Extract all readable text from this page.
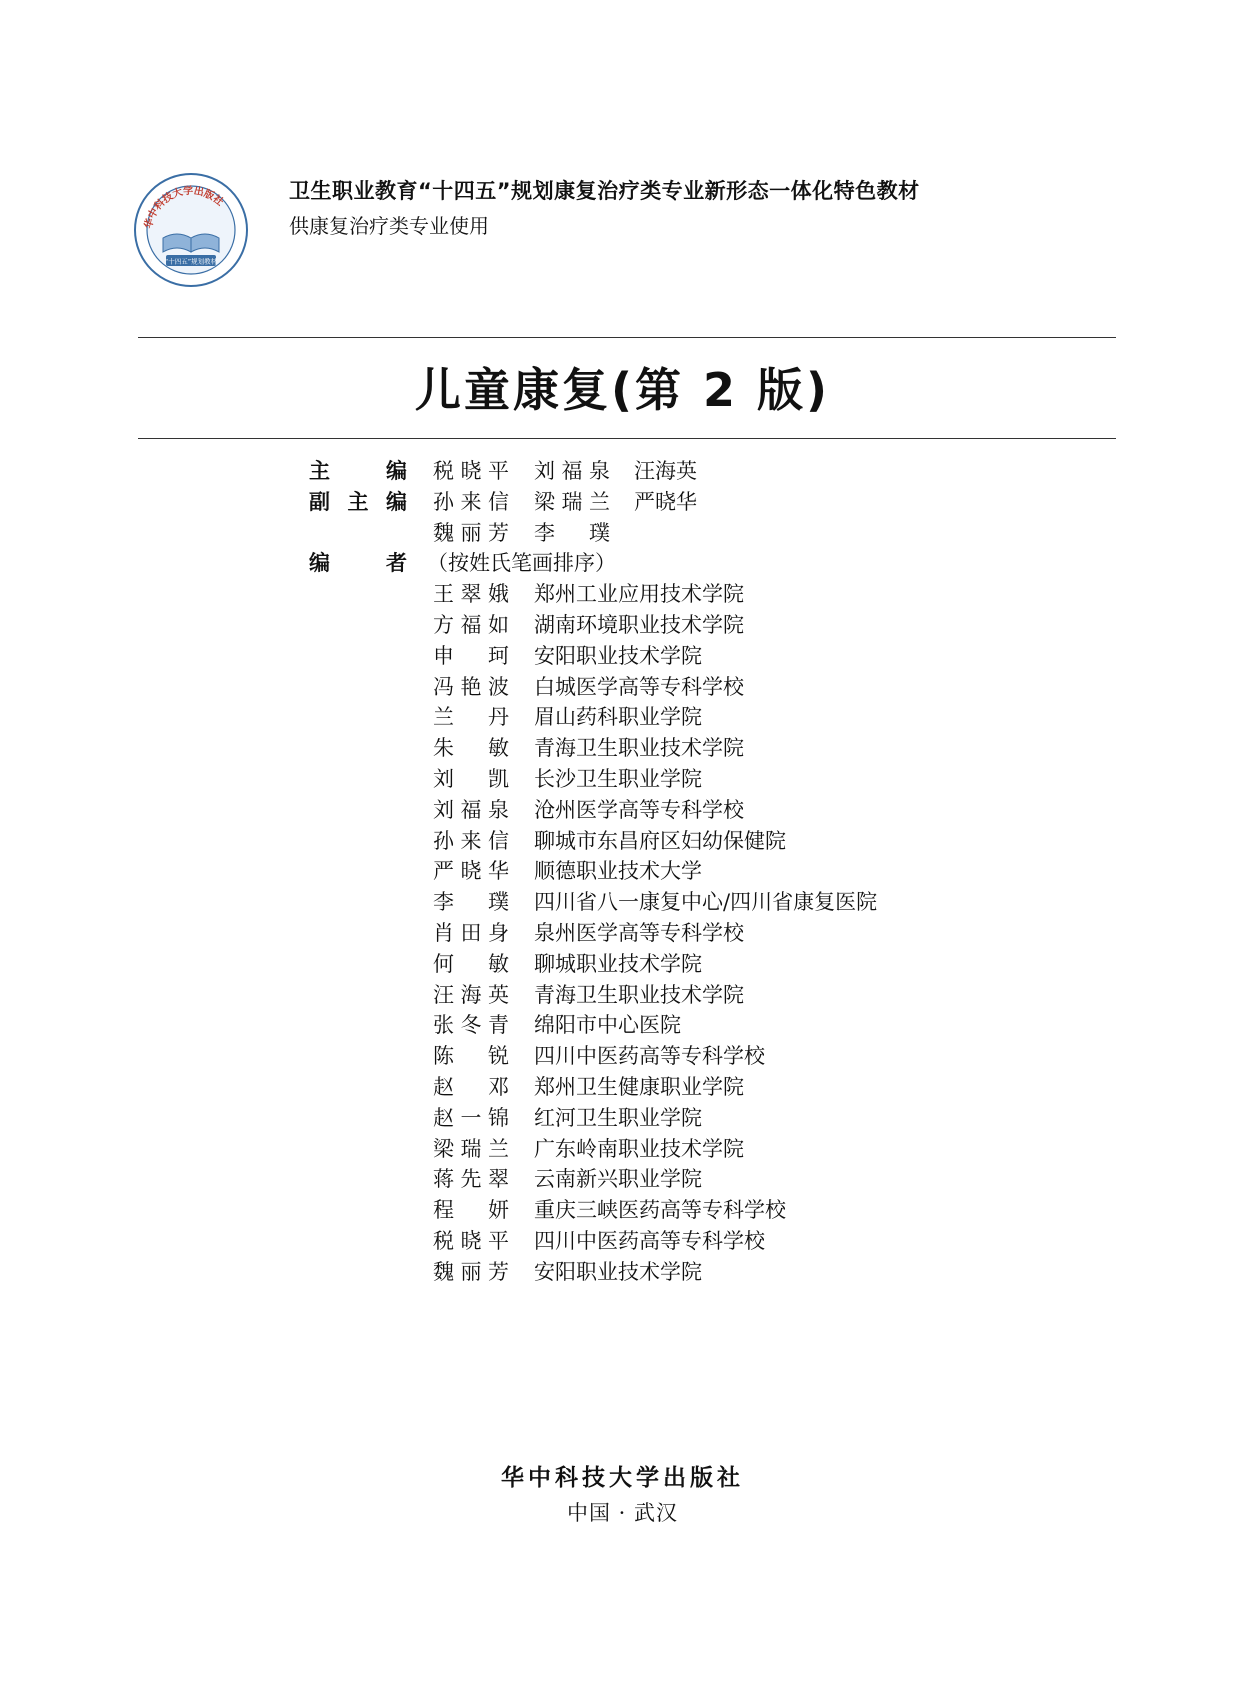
华中科技大学出版社
“十四五”规划教材
卫生职业教育“十四五”规划康复治疗类专业新形态一体化特色教材
供康复治疗类专业使用
儿童康复(第 2 版)
主	编 税 晓 平 刘 福 泉 汪海英
副 主 编 孙 来 信 梁 瑞 兰 严晓华
魏 丽 芳 李 璞
编	者 （按姓氏笔画排序）
王 翠 娥 郑州工业应用技术学院
方 福 如 湖南环境职业技术学院
申 珂 安阳职业技术学院
冯 艳 波 白城医学高等专科学校
兰 丹 眉山药科职业学院
朱 敏 青海卫生职业技术学院
刘 凯 长沙卫生职业学院
刘 福 泉 沧州医学高等专科学校
孙 来 信 聊城市东昌府区妇幼保健院
严 晓 华 顺德职业技术大学
李 璞 四川省八一康复中心/四川省康复医院
肖 田 身 泉州医学高等专科学校
何 敏 聊城职业技术学院
汪 海 英 青海卫生职业技术学院
张 冬 青 绵阳市中心医院
陈 锐 四川中医药高等专科学校
赵 邓 郑州卫生健康职业学院
赵 一 锦 红河卫生职业学院
梁 瑞 兰 广东岭南职业技术学院
蒋 先 翠 云南新兴职业学院
程 妍 重庆三峡医药高等专科学校
税 晓 平 四川中医药高等专科学校
魏 丽 芳 安阳职业技术学院
华中科技大学出版社
中国 · 武汉
